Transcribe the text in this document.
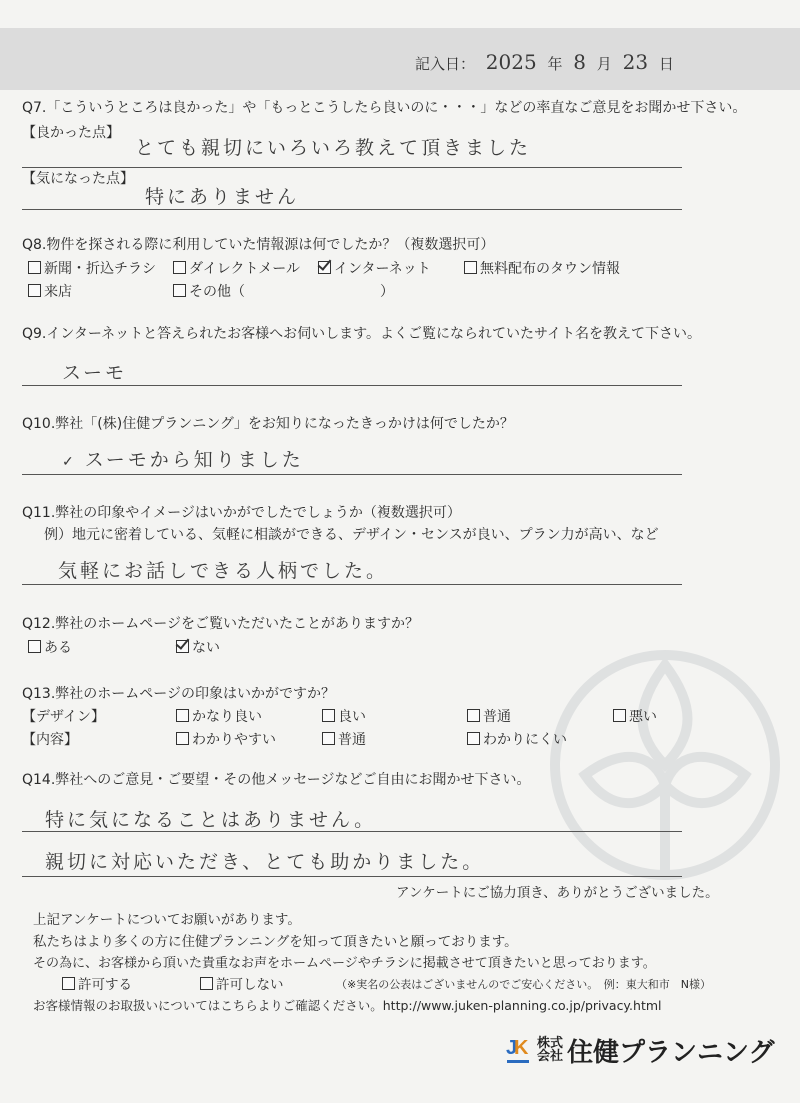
記入日： 2025 年 8 月 23 日
Q7.「こういうところは良かった」や「もっとこうしたら良いのに・・・」などの率直なご意見をお聞かせ下さい。
【良かった点】
とても親切にいろいろ教えて頂きました
【気になった点】
特にありません
Q8.物件を探される際に利用していた情報源は何でしたか？（複数選択可）
新聞・折込チラシ	ダイレクトメール	インターネット	無料配布のタウン情報
来店	その他（	）
Q9.インターネットと答えられたお客様へお伺いします。よくご覧になられていたサイト名を教えて下さい。
スーモ
Q10.弊社「(株)住健プランニング」をお知りになったきっかけは何でしたか？
✓ スーモから知りました
Q11.弊社の印象やイメージはいかがでしたでしょうか（複数選択可）
例）地元に密着している、気軽に相談ができる、デザイン・センスが良い、プラン力が高い、など
気軽にお話しできる人柄でした。
Q12.弊社のホームページをご覧いただいたことがありますか？
ある	ない
Q13.弊社のホームページの印象はいかがですか？
【デザイン】	かなり良い	良い	普通	悪い
【内容】	わかりやすい	普通	わかりにくい
Q14.弊社へのご意見・ご要望・その他メッセージなどご自由にお聞かせ下さい。
特に気になることはありません。
親切に対応いただき、とても助かりました。
アンケートにご協力頂き、ありがとうございました。
上記アンケートについてお願いがあります。
私たちはより多くの方に住健プランニングを知って頂きたいと願っております。
その為に、お客様から頂いた貴重なお声をホームページやチラシに掲載させて頂きたいと思っております。
許可する	許可しない	（※実名の公表はございませんのでご安心ください。　例：東大和市　N様）
お客様情報のお取扱いについてはこちらよりご確認ください。http://www.juken-planning.co.jp/privacy.html
J
K 株式
会社 住健プランニング
